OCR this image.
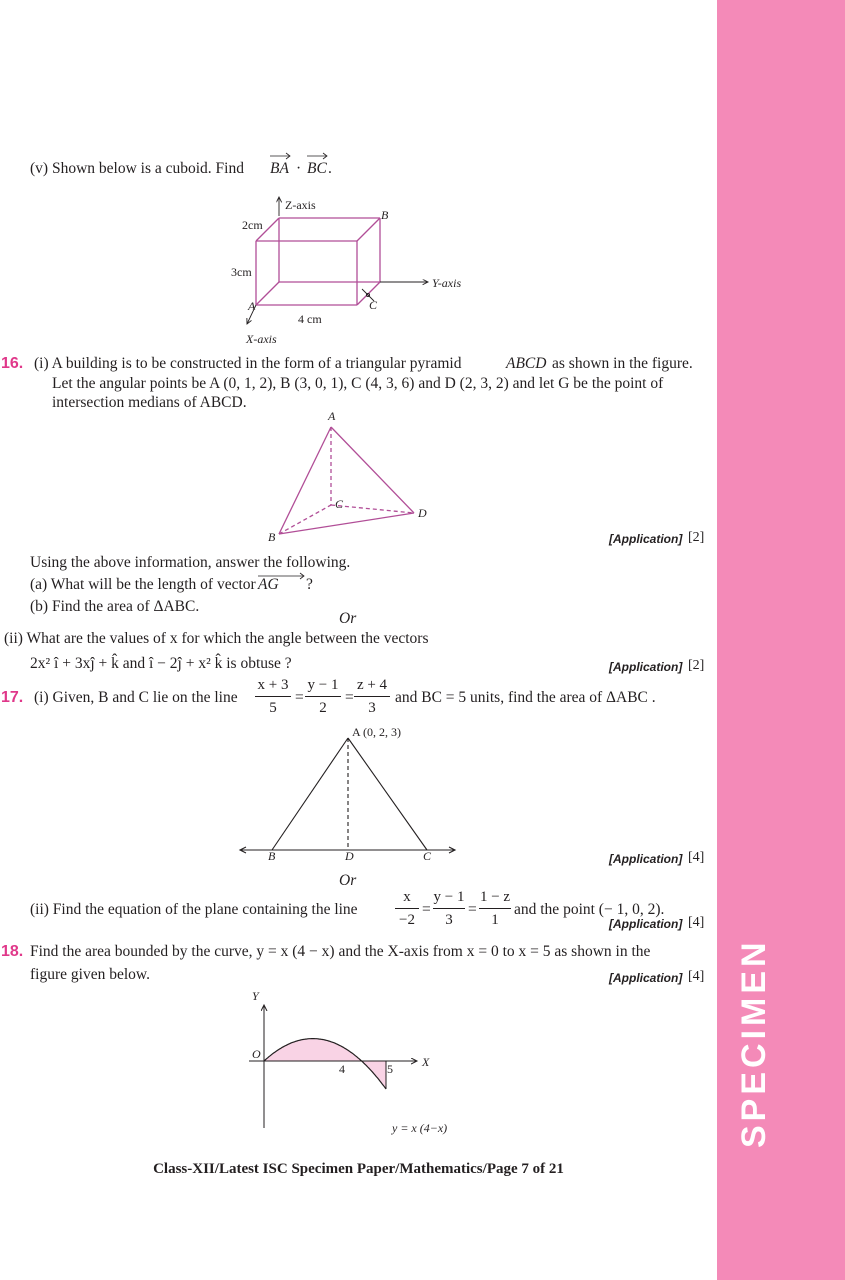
SPECIMEN
(v) Shown below is a cuboid. Find BA · BC .
Z-axis
B
2cm
3cm
Y-axis
A	C
4 cm
X-axis
16. (i) A building is to be constructed in the form of a triangular pyramid	ABCD as shown in the figure.
Let the angular points be A (0, 1, 2), B (3, 0, 1), C (4, 3, 6) and D (2, 3, 2) and let G be the point of
intersection medians of ABCD.
A
C
D
B	[Application] [2]
Using the above information, answer the following.
(a) What will be the length of vector AG ?
(b) Find the area of ΔABC.
Or
(ii) What are the values of x for which the angle between the vectors
2x² î + 3xĵ + k̂ and î − 2ĵ + x² k̂ is obtuse ?	[Application] [2]
17. (i) Given, B and C lie on the line
x + 3
5
=
y − 1
2
=
z + 4
3
and BC = 5 units, find the area of ΔABC .
A (0, 2, 3)
B	D	C	[Application] [4]
Or
(ii) Find the equation of the plane containing the line
x
−2
=
y − 1
3
=
1 − z
1
and the point (− 1, 0, 2).
[Application] [4]
18. Find the area bounded by the curve, y = x (4 − x) and the X-axis from x = 0 to x = 5 as shown in the
figure given below.	[Application] [4]
Y
O
X
4	5
y = x (4−x)
Class-XII/Latest ISC Specimen Paper/Mathematics/Page 7 of 21
